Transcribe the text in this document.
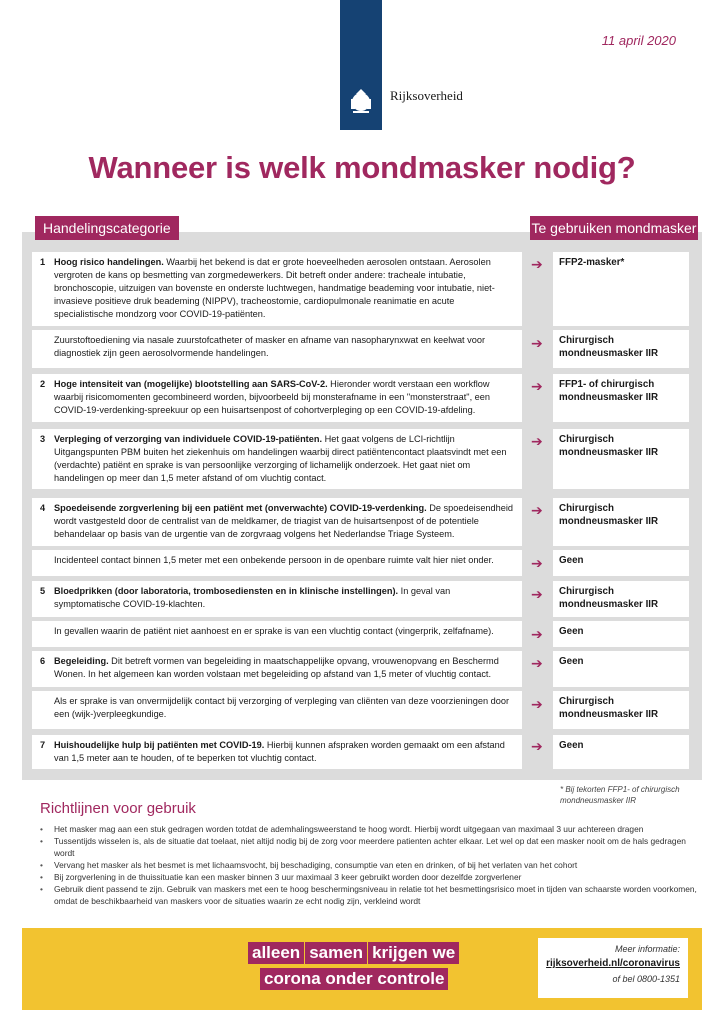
11 april 2020
Rijksoverheid
Wanneer is welk mondmasker nodig?
Handelingscategorie	Te gebruiken mondmasker
1 Hoog risico handelingen. Waarbij het bekend is dat er grote hoeveelheden aerosolen ontstaan. Aerosolen vergroten de kans op besmetting van zorgmedewerkers. Dit betreft onder andere: tracheale intubatie, bronchoscopie, uitzuigen van bovenste en onderste luchtwegen, handmatige beademing voor intubatie, niet-invasieve positieve druk beademing (NIPPV), tracheostomie, cardiopulmonale reanimatie en acute specialistische mondzorg voor COVID-19-patiënten.
➔	FFP2-masker*
Zuurstoftoediening via nasale zuurstofcatheter of masker en afname van nasopharynxwat en keelwat voor diagnostiek zijn geen aerosolvormende handelingen.
➔	Chirurgisch mondneusmasker IIR
2 Hoge intensiteit van (mogelijke) blootstelling aan SARS-CoV-2. Hieronder wordt verstaan een workflow waarbij risicomomenten gecombineerd worden, bijvoorbeeld bij monsterafname in een "monsterstraat", een COVID-19-verdenking-spreekuur op een huisartsenpost of cohortverpleging op een COVID-19-afdeling.
➔	FFP1- of chirurgisch mondneusmasker IIR
3 Verpleging of verzorging van individuele COVID-19-patiënten. Het gaat volgens de LCI-richtlijn Uitgangspunten PBM buiten het ziekenhuis om handelingen waarbij direct patiëntencontact plaatsvindt met een (verdachte) patiënt en sprake is van persoonlijke verzorging of lichamelijk onderzoek. Het gaat niet om handelingen op meer dan 1,5 meter afstand of om vluchtig contact.
➔	Chirurgisch mondneusmasker IIR
4 Spoedeisende zorgverlening bij een patiënt met (onverwachte) COVID-19-verdenking. De spoedeisendheid wordt vastgesteld door de centralist van de meldkamer, de triagist van de huisartsenpost of de potentiele behandelaar op basis van de urgentie van de zorgvraag volgens het Nederlandse Triage Systeem.
➔	Chirurgisch mondneusmasker IIR
Incidenteel contact binnen 1,5 meter met een onbekende persoon in de openbare ruimte valt hier niet onder.	➔	Geen
5 Bloedprikken (door laboratoria, trombosediensten en in klinische instellingen). In geval van symptomatische COVID-19-klachten.
➔	Chirurgisch mondneusmasker IIR
In gevallen waarin de patiënt niet aanhoest en er sprake is van een vluchtig contact (vingerprik, zelfafname).	➔	Geen
6 Begeleiding. Dit betreft vormen van begeleiding in maatschappelijke opvang, vrouwenopvang en Beschermd Wonen. In het algemeen kan worden volstaan met begeleiding op afstand van 1,5 meter of vluchtig contact.
➔	Geen
Als er sprake is van onvermijdelijk contact bij verzorging of verpleging van cliënten van deze voorzieningen door een (wijk-)verpleegkundige.
➔	Chirurgisch mondneusmasker IIR
7 Huishoudelijke hulp bij patiënten met COVID-19. Hierbij kunnen afspraken worden gemaakt om een afstand van 1,5 meter aan te houden, of te beperken tot vluchtig contact.
➔	Geen
* Bij tekorten FFP1- of chirurgisch mondneusmasker IIR
Richtlijnen voor gebruik
• Het masker mag aan een stuk gedragen worden totdat de ademhalingsweerstand te hoog wordt. Hierbij wordt uitgegaan van maximaal 3 uur achtereen dragen
• Tussentijds wisselen is, als de situatie dat toelaat, niet altijd nodig bij de zorg voor meerdere patienten achter elkaar. Let wel op dat een masker nooit om de hals gedragen wordt
• Vervang het masker als het besmet is met lichaamsvocht, bij beschadiging, consumptie van eten en drinken, of bij het verlaten van het cohort
• Bij zorgverlening in de thuissituatie kan een masker binnen 3 uur maximaal 3 keer gebruikt worden door dezelfde zorgverlener
• Gebruik dient passend te zijn. Gebruik van maskers met een te hoog beschermingsniveau in relatie tot het besmettingsrisico moet in tijden van schaarste worden voorkomen, omdat de beschikbaarheid van maskers voor de situaties waarin ze echt nodig zijn, verkleind wordt
alleen samen krijgen we
corona onder controle
Meer informatie:
rijksoverheid.nl/coronavirus
of bel 0800-1351
